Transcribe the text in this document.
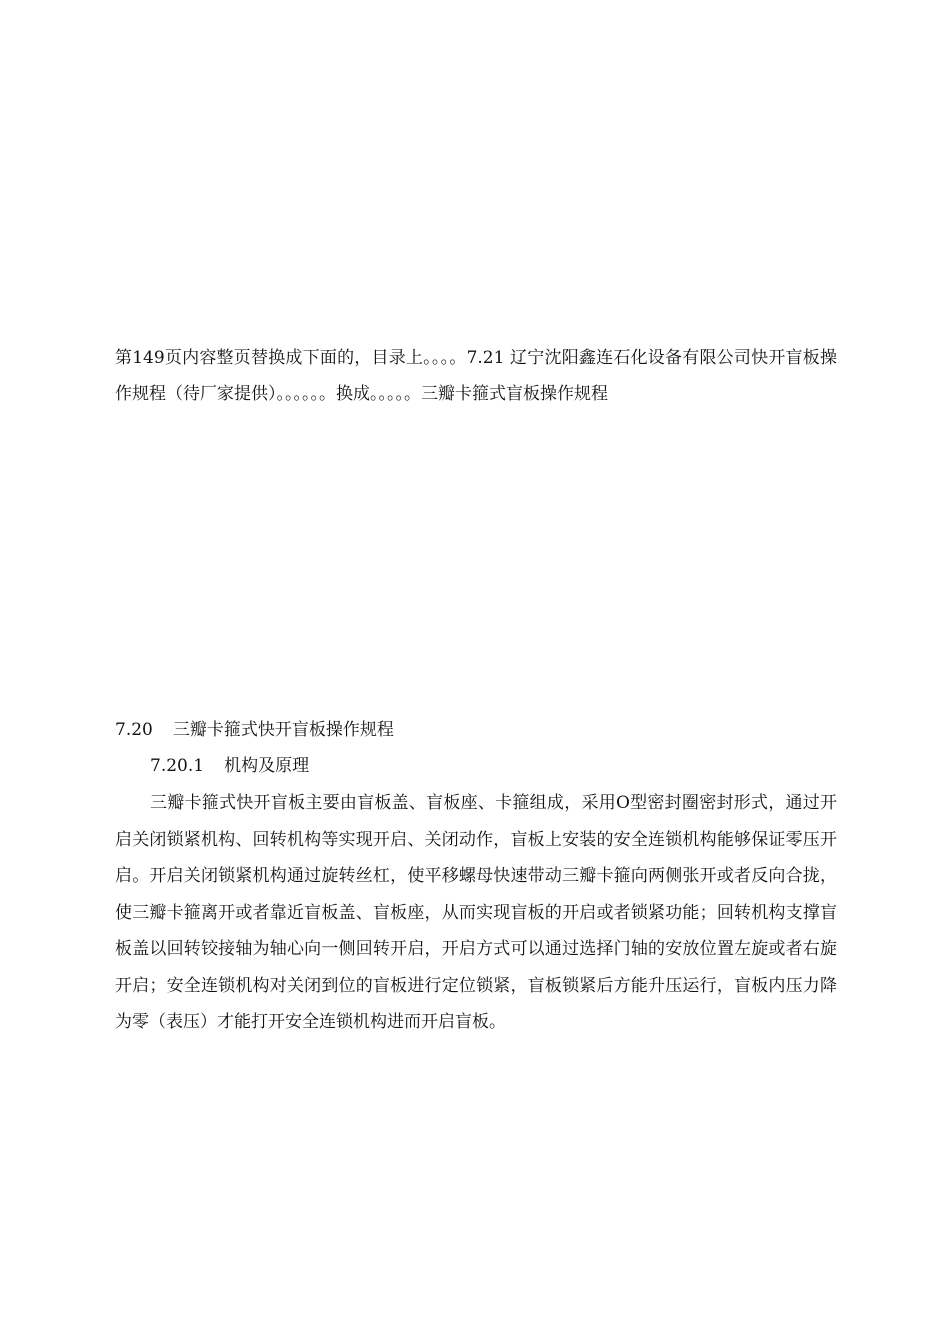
第149页内容整页替换成下面的，目录上。。。。7.21 辽宁沈阳鑫连石化设备有限公司快开盲板操作规程（待厂家提供）。。。。。。换成。。。。。三瓣卡箍式盲板操作规程

7.20 三瓣卡箍式快开盲板操作规程
7.20.1 机构及原理

三瓣卡箍式快开盲板主要由盲板盖、盲板座、卡箍组成，采用O型密封圈密封形式，通过开启关闭锁紧机构、回转机构等实现开启、关闭动作，盲板上安装的安全连锁机构能够保证零压开启。开启关闭锁紧机构通过旋转丝杠，使平移螺母快速带动三瓣卡箍向两侧张开或者反向合拢，使三瓣卡箍离开或者靠近盲板盖、盲板座，从而实现盲板的开启或者锁紧功能；回转机构支撑盲板盖以回转铰接轴为轴心向一侧回转开启，开启方式可以通过选择门轴的安放位置左旋或者右旋开启；安全连锁机构对关闭到位的盲板进行定位锁紧，盲板锁紧后方能升压运行，盲板内压力降为零（表压）才能打开安全连锁机构进而开启盲板。
